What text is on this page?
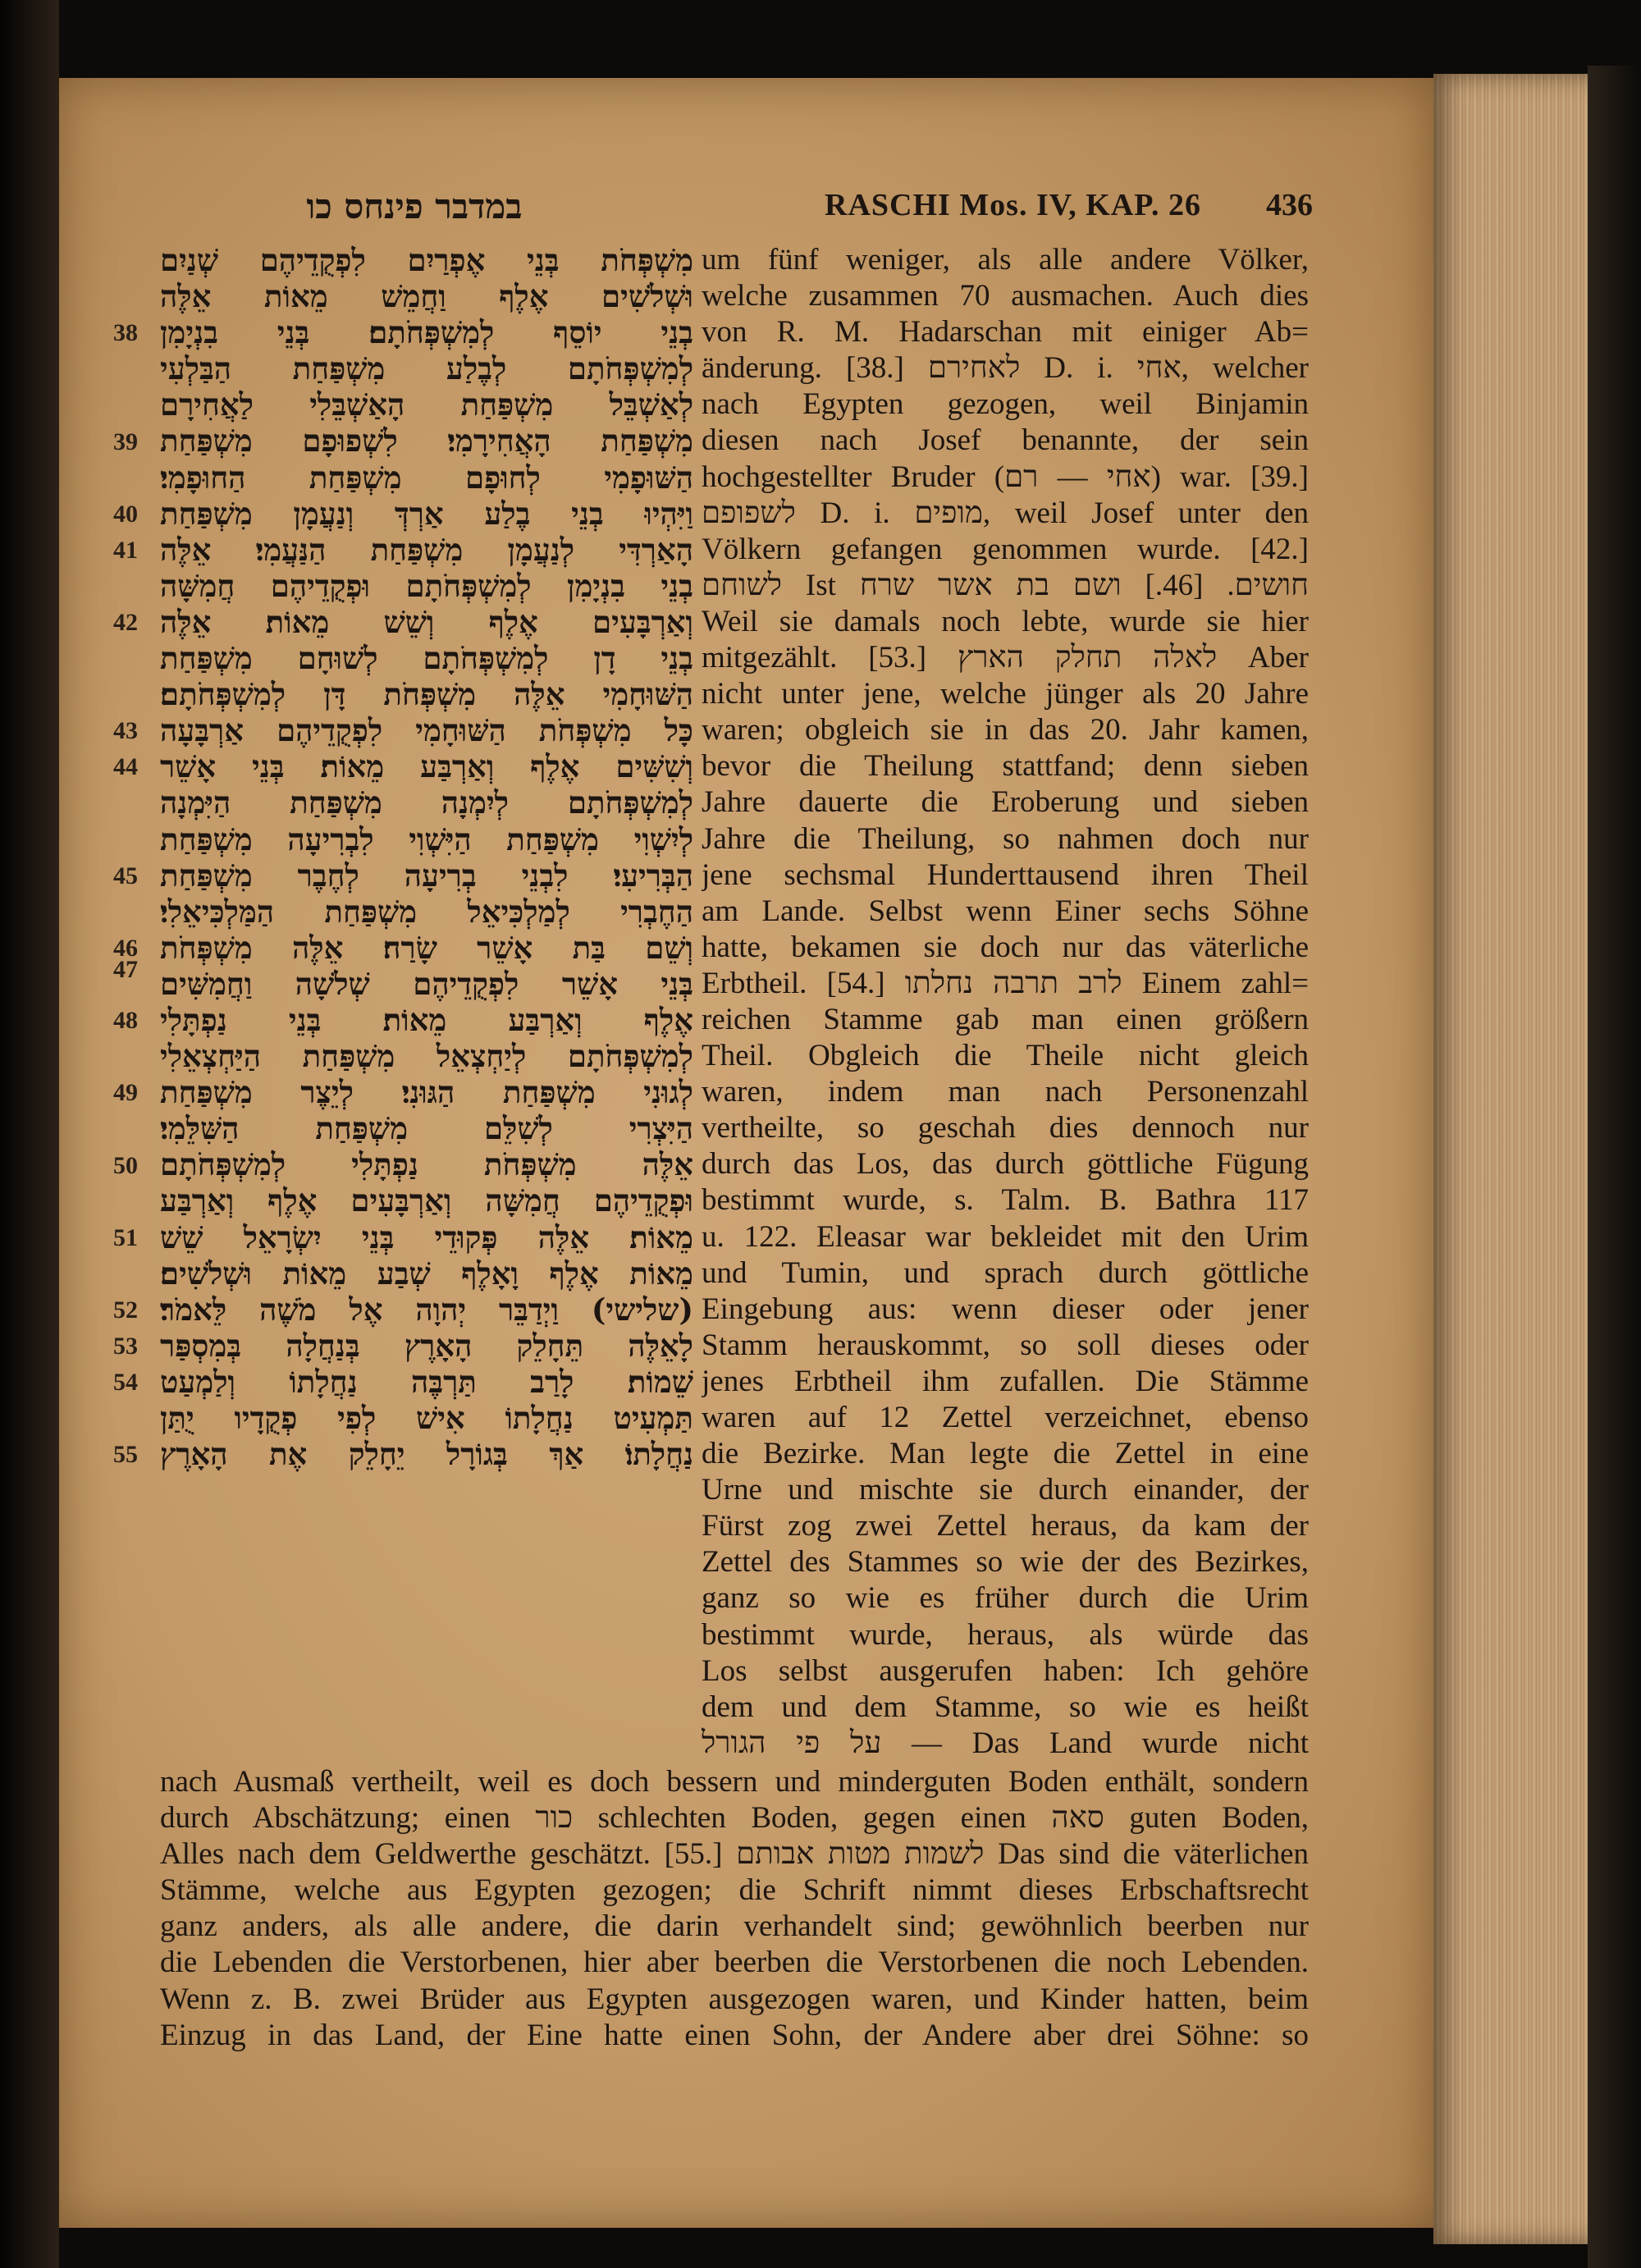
במדבר פינחס כו	RASCHI Mos. IV, KAP. 26	436
מִשְׁפְּחֹת בְּנֵי אֶפְרַיִם לִפְקֻדֵיהֶם שְׁנַיִם
וּשְׁלֹשִׁים אֶלֶף וַחֲמֵשׁ מֵאוֹת אֵלֶּה
בְנֵי יוֹסֵף לְמִשְׁפְּחֹתָם׃ בְּנֵי בִנְיָמִן
לְמִשְׁפְּחֹתָם לְבֶלַע מִשְׁפַּחַת הַבַּלְעִי
לְאַשְׁבֵּל מִשְׁפַּחַת הָאַשְׁבֵּלִי לַאֲחִירָם
מִשְׁפַּחַת הָאֲחִירָמִי׃ לִשְׁפוּפָם מִשְׁפַּחַת
הַשּׁוּפָמִי לְחוּפָם מִשְׁפַּחַת הַחוּפָמִי׃
וַיִּהְיוּ בְנֵי בֶלַע אַרְדְּ וְנַעֲמָן מִשְׁפַּחַת
הָאַרְדִּי לְנַעֲמָן מִשְׁפַּחַת הַנַּעֲמִי׃ אֵלֶּה
בְנֵי בִנְיָמִן לְמִשְׁפְּחֹתָם וּפְקֻדֵיהֶם חֲמִשָּׁה
וְאַרְבָּעִים אֶלֶף וְשֵׁשׁ מֵאוֹת׃ אֵלֶּה
בְנֵי דָן לְמִשְׁפְּחֹתָם לְשׁוּחָם מִשְׁפַּחַת
הַשּׁוּחָמִי אֵלֶּה מִשְׁפְּחֹת דָּן לְמִשְׁפְּחֹתָם׃
כָּל מִשְׁפְּחֹת הַשּׁוּחָמִי לִפְקֻדֵיהֶם אַרְבָּעָה
וְשִׁשִּׁים אֶלֶף וְאַרְבַּע מֵאוֹת׃ בְּנֵי אָשֵׁר
לְמִשְׁפְּחֹתָם לְיִמְנָה מִשְׁפַּחַת הַיִּמְנָה
לְיִשְׁוִי מִשְׁפַּחַת הַיִּשְׁוִי לִבְרִיעָה מִשְׁפַּחַת
הַבְּרִיעִי׃ לִבְנֵי בְרִיעָה לְחֶבֶר מִשְׁפַּחַת
הַחֶבְרִי לְמַלְכִּיאֵל מִשְׁפַּחַת הַמַּלְכִּיאֵלִי׃
וְשֵׁם בַּת אָשֵׁר שָׂרַח׃ אֵלֶּה מִשְׁפְּחֹת
בְּנֵי אָשֵׁר לִפְקֻדֵיהֶם שְׁלֹשָׁה וַחֲמִשִּׁים
אֶלֶף וְאַרְבַּע מֵאוֹת׃ בְּנֵי נַפְתָּלִי
לְמִשְׁפְּחֹתָם לְיַחְצְאֵל מִשְׁפַּחַת הַיַּחְצְאֵלִי
לְגוּנִי מִשְׁפַּחַת הַגּוּנִי׃ לְיֵצֶר מִשְׁפַּחַת
הַיִּצְרִי לְשִׁלֵּם מִשְׁפַּחַת הַשִּׁלֵּמִי׃
אֵלֶּה מִשְׁפְּחֹת נַפְתָּלִי לְמִשְׁפְּחֹתָם
וּפְקֻדֵיהֶם חֲמִשָּׁה וְאַרְבָּעִים אֶלֶף וְאַרְבַּע
מֵאוֹת׃ אֵלֶּה פְּקוּדֵי בְּנֵי יִשְׂרָאֵל שֵׁשׁ
מֵאוֹת אֶלֶף וָאָלֶף שְׁבַע מֵאוֹת וּשְׁלֹשִׁים׃
(שלישי) וַיְדַבֵּר יְהוָה אֶל מֹשֶׁה לֵּאמֹר׃
לָאֵלֶּה תֵּחָלֵק הָאָרֶץ בְּנַחֲלָה בְּמִסְפַּר
שֵׁמוֹת׃ לָרַב תַּרְבֶּה נַחֲלָתוֹ וְלַמְעַט
תַּמְעִיט נַחֲלָתוֹ אִישׁ לְפִי פְקֻדָיו יֻתַּן
נַחֲלָתוֹ׃ אַךְ בְּגוֹרָל יֵחָלֵק אֶת הָאָרֶץ
38
39
40
41
42
43
44
45
46
47
48
49
50
51
52
53
54
55
um fünf weniger, als alle andere Völker,
welche zusammen 70 ausmachen. Auch dies
von R. M. Hadarschan mit einiger Ab=
änderung. [38.] לאחירם D. i. אחי, welcher
nach Egypten gezogen, weil Binjamin
diesen nach Josef benannte, der sein
hochgestellter Bruder (אחי — רם) war. [39.]
לשפופם D. i. מופים, weil Josef unter den
Völkern gefangen genommen wurde. [42.]
לשוחם Ist חושים. [46.] ושם בת אשר שרח
Weil sie damals noch lebte, wurde sie hier
mitgezählt. [53.] לאלה תחלק הארץ Aber
nicht unter jene, welche jünger als 20 Jahre
waren; obgleich sie in das 20. Jahr kamen,
bevor die Theilung stattfand; denn sieben
Jahre dauerte die Eroberung und sieben
Jahre die Theilung, so nahmen doch nur
jene sechsmal Hunderttausend ihren Theil
am Lande. Selbst wenn Einer sechs Söhne
hatte, bekamen sie doch nur das väterliche
Erbtheil. [54.] לרב תרבה נחלתו Einem zahl=
reichen Stamme gab man einen größern
Theil. Obgleich die Theile nicht gleich
waren, indem man nach Personenzahl
vertheilte, so geschah dies dennoch nur
durch das Los, das durch göttliche Fügung
bestimmt wurde, s. Talm. B. Bathra 117
u. 122. Eleasar war bekleidet mit den Urim
und Tumin, und sprach durch göttliche
Eingebung aus: wenn dieser oder jener
Stamm herauskommt, so soll dieses oder
jenes Erbtheil ihm zufallen. Die Stämme
waren auf 12 Zettel verzeichnet, ebenso
die Bezirke. Man legte die Zettel in eine
Urne und mischte sie durch einander, der
Fürst zog zwei Zettel heraus, da kam der
Zettel des Stammes so wie der des Bezirkes,
ganz so wie es früher durch die Urim
bestimmt wurde, heraus, als würde das
Los selbst ausgerufen haben: Ich gehöre
dem und dem Stamme, so wie es heißt
על פי הגורל — Das Land wurde nicht
nach Ausmaß vertheilt, weil es doch bessern und minderguten Boden enthält, sondern
durch Abschätzung; einen כור schlechten Boden, gegen einen סאה guten Boden,
Alles nach dem Geldwerthe geschätzt. [55.] לשמות מטות אבותם Das sind die väterlichen
Stämme, welche aus Egypten gezogen; die Schrift nimmt dieses Erbschaftsrecht
ganz anders, als alle andere, die darin verhandelt sind; gewöhnlich beerben nur
die Lebenden die Verstorbenen, hier aber beerben die Verstorbenen die noch Lebenden.
Wenn z. B. zwei Brüder aus Egypten ausgezogen waren, und Kinder hatten, beim
Einzug in das Land, der Eine hatte einen Sohn, der Andere aber drei Söhne: so
